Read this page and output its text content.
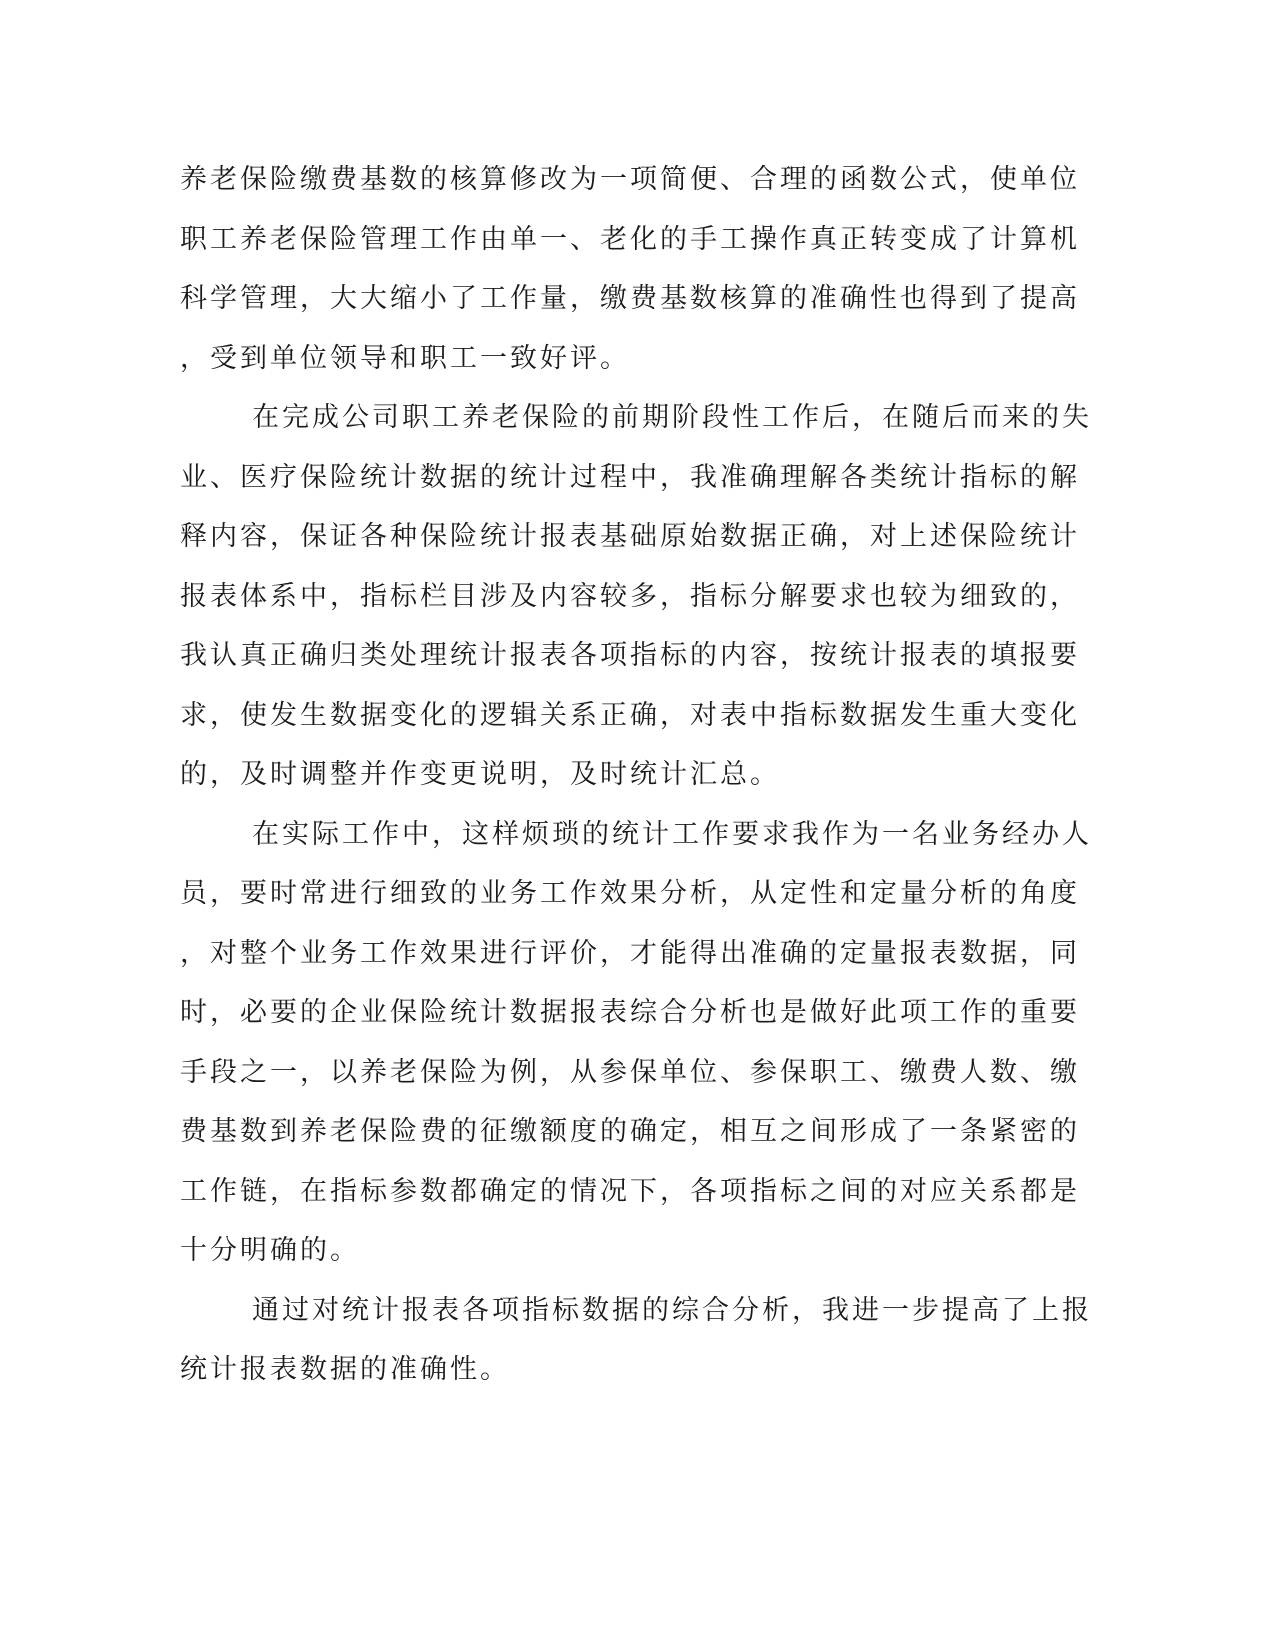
养老保险缴费基数的核算修改为一项简便、合理的函数公式，使单位
职工养老保险管理工作由单一、老化的手工操作真正转变成了计算机
科学管理，大大缩小了工作量，缴费基数核算的准确性也得到了提高
，受到单位领导和职工一致好评。
在完成公司职工养老保险的前期阶段性工作后，在随后而来的失
业、医疗保险统计数据的统计过程中，我准确理解各类统计指标的解
释内容，保证各种保险统计报表基础原始数据正确，对上述保险统计
报表体系中，指标栏目涉及内容较多，指标分解要求也较为细致的，
我认真正确归类处理统计报表各项指标的内容，按统计报表的填报要
求，使发生数据变化的逻辑关系正确，对表中指标数据发生重大变化
的，及时调整并作变更说明，及时统计汇总。
在实际工作中，这样烦琐的统计工作要求我作为一名业务经办人
员，要时常进行细致的业务工作效果分析，从定性和定量分析的角度
，对整个业务工作效果进行评价，才能得出准确的定量报表数据，同
时，必要的企业保险统计数据报表综合分析也是做好此项工作的重要
手段之一，以养老保险为例，从参保单位、参保职工、缴费人数、缴
费基数到养老保险费的征缴额度的确定，相互之间形成了一条紧密的
工作链，在指标参数都确定的情况下，各项指标之间的对应关系都是
十分明确的。
通过对统计报表各项指标数据的综合分析，我进一步提高了上报
统计报表数据的准确性。
